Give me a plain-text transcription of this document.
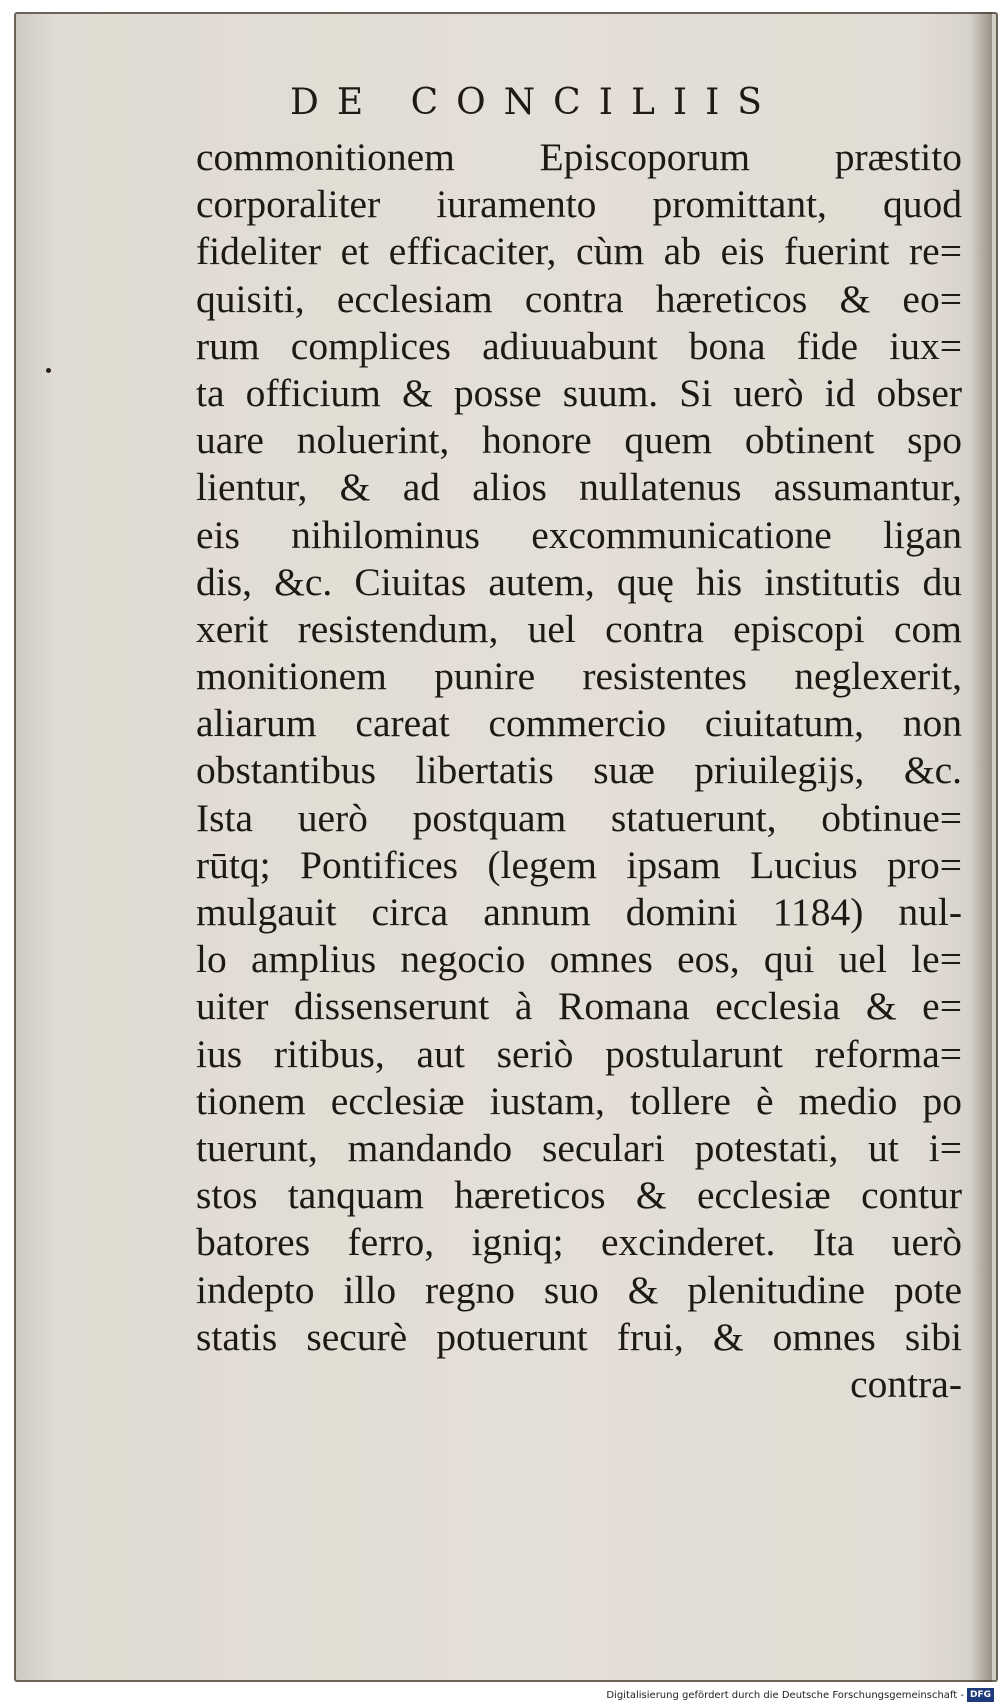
DE CONCILIIS
commonitionem Episcoporum præstito
corporaliter iuramento promittant, quod
fideliter et efficaciter, cùm ab eis fuerint re=
quisiti, ecclesiam contra hæreticos & eo=
rum complices adiuuabunt bona fide iux=
ta officium & posse suum. Si uerò id obser
uare noluerint, honore quem obtinent spo
lientur, & ad alios nullatenus assumantur,
eis nihilominus excommunicatione ligan
dis, &c. Ciuitas autem, quę his institutis du
xerit resistendum, uel contra episcopi com
monitionem punire resistentes neglexerit,
aliarum careat commercio ciuitatum, non
obstantibus libertatis suæ priuilegijs, &c.
Ista uerò postquam statuerunt, obtinue=
rūtq; Pontifices (legem ipsam Lucius pro=
mulgauit circa annum domini 1184) nul-
lo amplius negocio omnes eos, qui uel le=
uiter dissenserunt à Romana ecclesia & e=
ius ritibus, aut seriò postularunt reforma=
tionem ecclesiæ iustam, tollere è medio po
tuerunt, mandando seculari potestati, ut i=
stos tanquam hæreticos & ecclesiæ contur
batores ferro, igniq; excinderet. Ita uerò
indepto illo regno suo & plenitudine pote
statis securè potuerunt frui, & omnes sibi
contra-
Digitalisierung gefördert durch die Deutsche Forschungsgemeinschaft - DFG
